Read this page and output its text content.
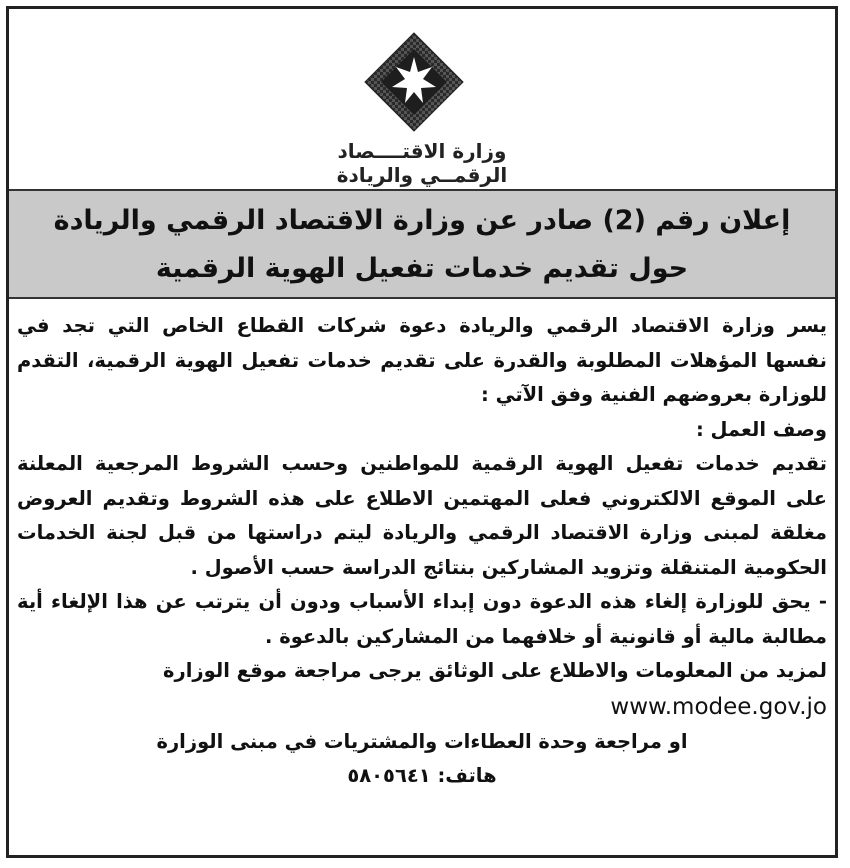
وزارة الاقتــــصاد
الرقمــي والريادة
إعلان رقم (2) صادر عن وزارة الاقتصاد الرقمي والريادة
حول تقديم خدمات تفعيل الهوية الرقمية

يسر وزارة الاقتصاد الرقمي والريادة دعوة شركات القطاع الخاص التي تجد في نفسها المؤهلات المطلوبة والقدرة على تقديم خدمات تفعيل الهوية الرقمية، التقدم للوزارة بعروضهم الفنية وفق الآتي :

وصف العمل :

تقديم خدمات تفعيل الهوية الرقمية للمواطنين وحسب الشروط المرجعية المعلنة على الموقع الالكتروني فعلى المهتمين الاطلاع على هذه الشروط وتقديم العروض مغلقة لمبنى وزارة الاقتصاد الرقمي والريادة ليتم دراستها من قبل لجنة الخدمات الحكومية المتنقلة وتزويد المشاركين بنتائج الدراسة حسب الأصول .

- يحق للوزارة إلغاء هذه الدعوة دون إبداء الأسباب ودون أن يترتب عن هذا الإلغاء أية مطالبة مالية أو قانونية أو خلافهما من المشاركين بالدعوة .

لمزيد من المعلومات والاطلاع على الوثائق يرجى مراجعة موقع الوزارة

www.modee.gov.jo

او مراجعة وحدة العطاءات والمشتريات في مبنى الوزارة

هاتف: ٥٨٠٥٦٤١
